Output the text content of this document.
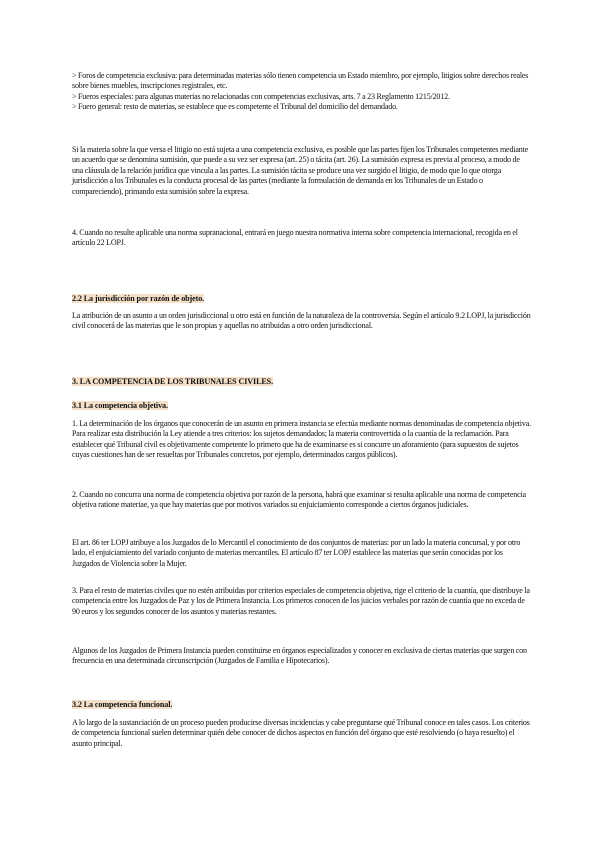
> Foros de competencia exclusiva: para determinadas materias sólo tienen competencia un Estado miembro, por ejemplo, litigios sobre derechos reales sobre bienes muebles, inscripciones registrales, etc.

> Fueros especiales: para algunas materias no relacionadas con competencias exclusivas, arts. 7 a 23 Reglamento 1215/2012.

> Fuero general: resto de materias, se establece que es competente el Tribunal del domicilio del demandado.

Si la materia sobre la que versa el litigio no está sujeta a una competencia exclusiva, es posible que las partes fijen los Tribunales competentes mediante un acuerdo que se denomina sumisión, que puede a su vez ser expresa (art. 25) o tácita (art. 26). La sumisión expresa es previa al proceso, a modo de una cláusula de la relación jurídica que vincula a las partes. La sumisión tácita se produce una vez surgido el litigio, de modo que lo que otorga jurisdicción a los Tribunales es la conducta procesal de las partes (mediante la formulación de demanda en los Tribunales de un Estado o compareciendo), primando esta sumisión sobre la expresa.

4. Cuando no resulte aplicable una norma supranacional, entrará en juego nuestra normativa interna sobre competencia internacional, recogida en el artículo 22 LOPJ.

2.2 La jurisdicción por razón de objeto.

La atribución de un asunto a un orden jurisdiccional u otro está en función de la naturaleza de la controversia. Según el artículo 9.2 LOPJ, la jurisdicción civil conocerá de las materias que le son propias y aquellas no atribuidas a otro orden jurisdiccional.

3. LA COMPETENCIA DE LOS TRIBUNALES CIVILES.
3.1 La competencia objetiva.

1. La determinación de los órganos que conocerán de un asunto en primera instancia se efectúa mediante normas denominadas de competencia objetiva. Para realizar esta distribución la Ley atiende a tres criterios: los sujetos demandados; la materia controvertida o la cuantía de la reclamación. Para establecer qué Tribunal civil es objetivamente competente lo primero que ha de examinarse es si concurre un aforamiento (para supuestos de sujetos cuyas cuestiones han de ser resueltas por Tribunales concretos, por ejemplo, determinados cargos públicos).

2. Cuando no concurra una norma de competencia objetiva por razón de la persona, habrá que examinar si resulta aplicable una norma de competencia objetiva ratione materiae, ya que hay materias que por motivos variados su enjuiciamiento corresponde a ciertos órganos judiciales.

El art. 86 ter LOPJ atribuye a los Juzgados de lo Mercantil el conocimiento de dos conjuntos de materias: por un lado la materia concursal, y por otro lado, el enjuiciamiento del variado conjunto de materias mercantiles. El artículo 87 ter LOPJ establece las materias que serán conocidas por los Juzgados de Violencia sobre la Mujer.

3. Para el resto de materias civiles que no estén atribuidas por criterios especiales de competencia objetiva, rige el criterio de la cuantía, que distribuye la competencia entre los Juzgados de Paz y los de Primera Instancia. Los primeros conocen de los juicios verbales por razón de cuantía que no exceda de 90 euros y los segundos conocer de los asuntos y materias restantes.

Algunos de los Juzgados de Primera Instancia pueden constituirse en órganos especializados y conocer en exclusiva de ciertas materias que surgen con frecuencia en una determinada circunscripción (Juzgados de Familia e Hipotecarios).

3.2 La competencia funcional.

A lo largo de la sustanciación de un proceso pueden producirse diversas incidencias y cabe preguntarse qué Tribunal conoce en tales casos. Los criterios de competencia funcional suelen determinar quién debe conocer de dichos aspectos en función del órgano que esté resolviendo (o haya resuelto) el asunto principal.
